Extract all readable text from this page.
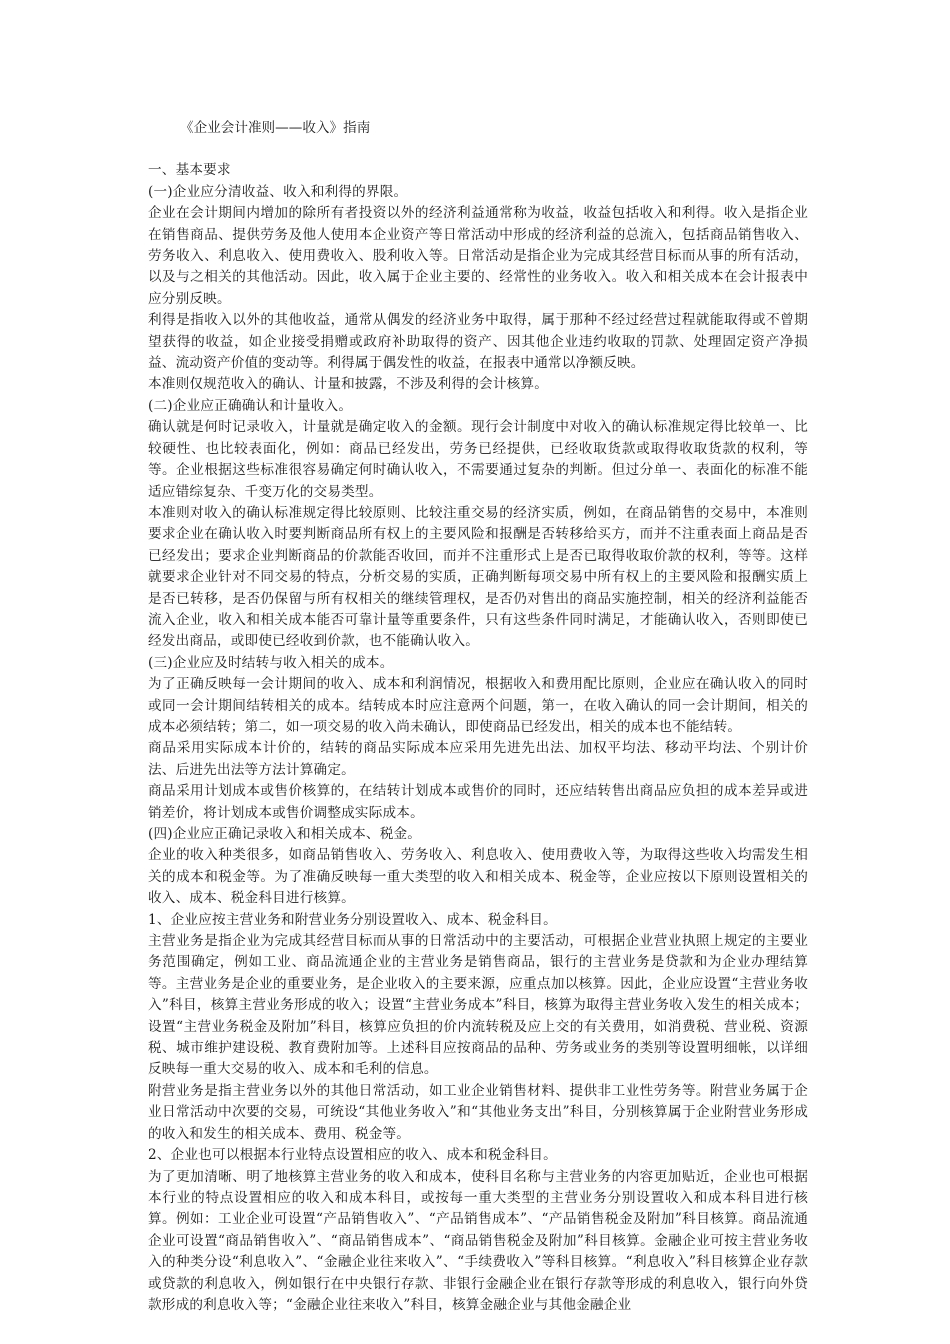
《企业会计准则——收入》指南

一、基本要求

(一)企业应分清收益、收入和利得的界限。

企业在会计期间内增加的除所有者投资以外的经济利益通常称为收益，收益包括收入和利得。收入是指企业在销售商品、提供劳务及他人使用本企业资产等日常活动中形成的经济利益的总流入，包括商品销售收入、劳务收入、利息收入、使用费收入、股利收入等。日常活动是指企业为完成其经营目标而从事的所有活动，以及与之相关的其他活动。因此，收入属于企业主要的、经常性的业务收入。收入和相关成本在会计报表中应分别反映。

利得是指收入以外的其他收益，通常从偶发的经济业务中取得，属于那种不经过经营过程就能取得或不曾期望获得的收益，如企业接受捐赠或政府补助取得的资产、因其他企业违约收取的罚款、处理固定资产净损益、流动资产价值的变动等。利得属于偶发性的收益，在报表中通常以净额反映。

本准则仅规范收入的确认、计量和披露，不涉及利得的会计核算。

(二)企业应正确确认和计量收入。

确认就是何时记录收入，计量就是确定收入的金额。现行会计制度中对收入的确认标准规定得比较单一、比较硬性、也比较表面化，例如：商品已经发出，劳务已经提供，已经收取货款或取得收取货款的权利，等等。企业根据这些标准很容易确定何时确认收入，不需要通过复杂的判断。但过分单一、表面化的标准不能适应错综复杂、千变万化的交易类型。

本准则对收入的确认标准规定得比较原则、比较注重交易的经济实质，例如，在商品销售的交易中，本准则要求企业在确认收入时要判断商品所有权上的主要风险和报酬是否转移给买方，而并不注重表面上商品是否已经发出；要求企业判断商品的价款能否收回，而并不注重形式上是否已取得收取价款的权利，等等。这样就要求企业针对不同交易的特点，分析交易的实质，正确判断每项交易中所有权上的主要风险和报酬实质上是否已转移，是否仍保留与所有权相关的继续管理权，是否仍对售出的商品实施控制，相关的经济利益能否流入企业，收入和相关成本能否可靠计量等重要条件，只有这些条件同时满足，才能确认收入，否则即使已经发出商品，或即使已经收到价款，也不能确认收入。

(三)企业应及时结转与收入相关的成本。

为了正确反映每一会计期间的收入、成本和利润情况，根据收入和费用配比原则，企业应在确认收入的同时或同一会计期间结转相关的成本。结转成本时应注意两个问题，第一，在收入确认的同一会计期间，相关的成本必须结转；第二，如一项交易的收入尚未确认，即使商品已经发出，相关的成本也不能结转。

商品采用实际成本计价的，结转的商品实际成本应采用先进先出法、加权平均法、移动平均法、个别计价法、后进先出法等方法计算确定。

商品采用计划成本或售价核算的，在结转计划成本或售价的同时，还应结转售出商品应负担的成本差异或进销差价，将计划成本或售价调整成实际成本。

(四)企业应正确记录收入和相关成本、税金。

企业的收入种类很多，如商品销售收入、劳务收入、利息收入、使用费收入等，为取得这些收入均需发生相关的成本和税金等。为了准确反映每一重大类型的收入和相关成本、税金等，企业应按以下原则设置相关的收入、成本、税金科目进行核算。

1、企业应按主营业务和附营业务分别设置收入、成本、税金科目。

主营业务是指企业为完成其经营目标而从事的日常活动中的主要活动，可根据企业营业执照上规定的主要业务范围确定，例如工业、商品流通企业的主营业务是销售商品，银行的主营业务是贷款和为企业办理结算等。主营业务是企业的重要业务，是企业收入的主要来源，应重点加以核算。因此，企业应设置“主营业务收入”科目，核算主营业务形成的收入；设置“主营业务成本”科目，核算为取得主营业务收入发生的相关成本；设置“主营业务税金及附加”科目，核算应负担的价内流转税及应上交的有关费用，如消费税、营业税、资源税、城市维护建设税、教育费附加等。上述科目应按商品的品种、劳务或业务的类别等设置明细帐，以详细反映每一重大交易的收入、成本和毛利的信息。

附营业务是指主营业务以外的其他日常活动，如工业企业销售材料、提供非工业性劳务等。附营业务属于企业日常活动中次要的交易，可统设“其他业务收入”和“其他业务支出”科目，分别核算属于企业附营业务形成的收入和发生的相关成本、费用、税金等。

2、企业也可以根据本行业特点设置相应的收入、成本和税金科目。

为了更加清晰、明了地核算主营业务的收入和成本，使科目名称与主营业务的内容更加贴近，企业也可根据本行业的特点设置相应的收入和成本科目，或按每一重大类型的主营业务分别设置收入和成本科目进行核算。例如：工业企业可设置“产品销售收入”、“产品销售成本”、“产品销售税金及附加”科目核算。商品流通企业可设置“商品销售收入”、“商品销售成本”、“商品销售税金及附加”科目核算。金融企业可按主营业务收入的种类分设“利息收入”、“金融企业往来收入”、“手续费收入”等科目核算。“利息收入”科目核算企业存款或贷款的利息收入，例如银行在中央银行存款、非银行金融企业在银行存款等形成的利息收入，银行向外贷款形成的利息收入等；“金融企业往来收入”科目，核算金融企业与其他金融企业
